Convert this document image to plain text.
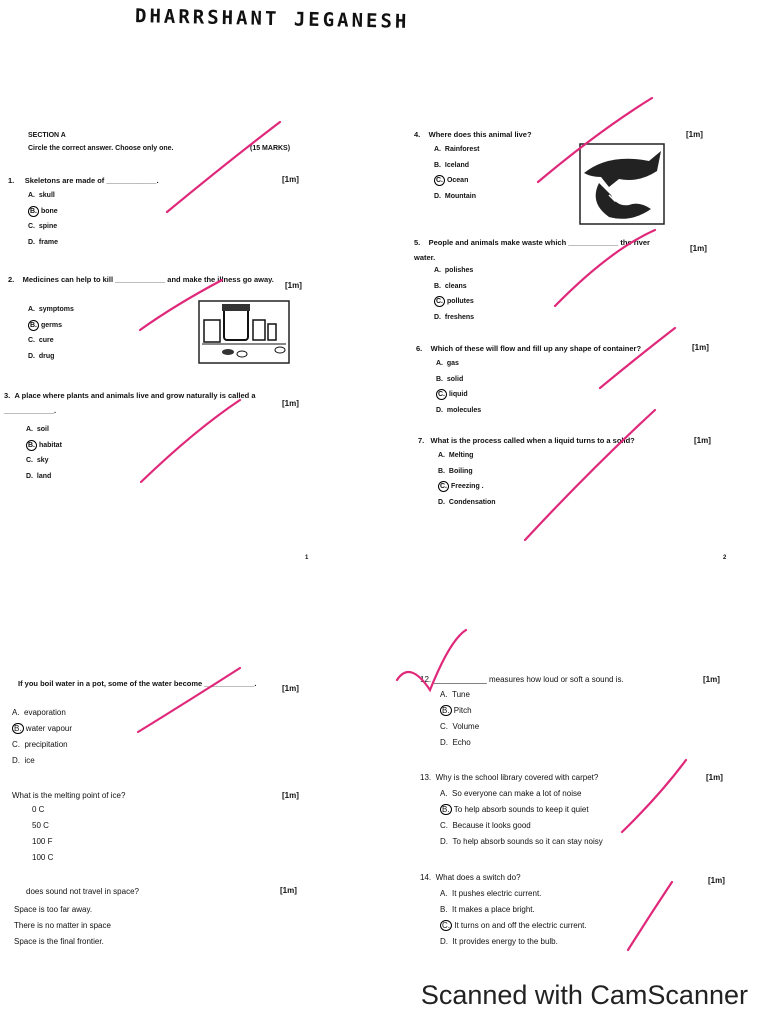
DHARRSHANT JEGANESH
SECTION A
Circle the correct answer. Choose only one.	(15 MARKS)
1. Skeletons are made of ____________.	[1m]
A. skull
B. bone
C. spine
D. frame
2. Medicines can help to kill ____________ and make the illness go away.
[1m]
A. symptoms
B. germs
C. cure
D. drug
3. A place where plants and animals live and grow naturally is called a ____________.
[1m]
A. soil
B. habitat
C. sky
D. land
4. Where does this animal live?	[1m]
A. Rainforest
B. Iceland
C. Ocean
D. Mountain
5. People and animals make waste which ____________ the river water.
[1m]
A. polishes
B. cleans
C. pollutes
D. freshens
6. Which of these will flow and fill up any shape of container?	[1m]
A. gas
B. solid
C. liquid
D. molecules
7. What is the process called when a liquid turns to a solid?	[1m]
A. Melting
B. Boiling
C. Freezing .
D. Condensation
1	2
If you boil water in a pot, some of the water become ____________.
[1m]
A. evaporation
B. water vapour
C. precipitation
D. ice
What is the melting point of ice?	[1m]
0 C
50 C
100 F
100 C
does sound not travel in space?	[1m]
Space is too far away.
There is no matter in space
Space is the final frontier.
12. ____________ measures how loud or soft a sound is.	[1m]
A. Tune
B. Pitch
C. Volume
D. Echo
13. Why is the school library covered with carpet?	[1m]
A. So everyone can make a lot of noise
B. To help absorb sounds to keep it quiet
C. Because it looks good
D. To help absorb sounds so it can stay noisy
14. What does a switch do?	[1m]
A. It pushes electric current.
B. It makes a place bright.
C. It turns on and off the electric current.
D. It provides energy to the bulb.
Scanned with CamScanner
